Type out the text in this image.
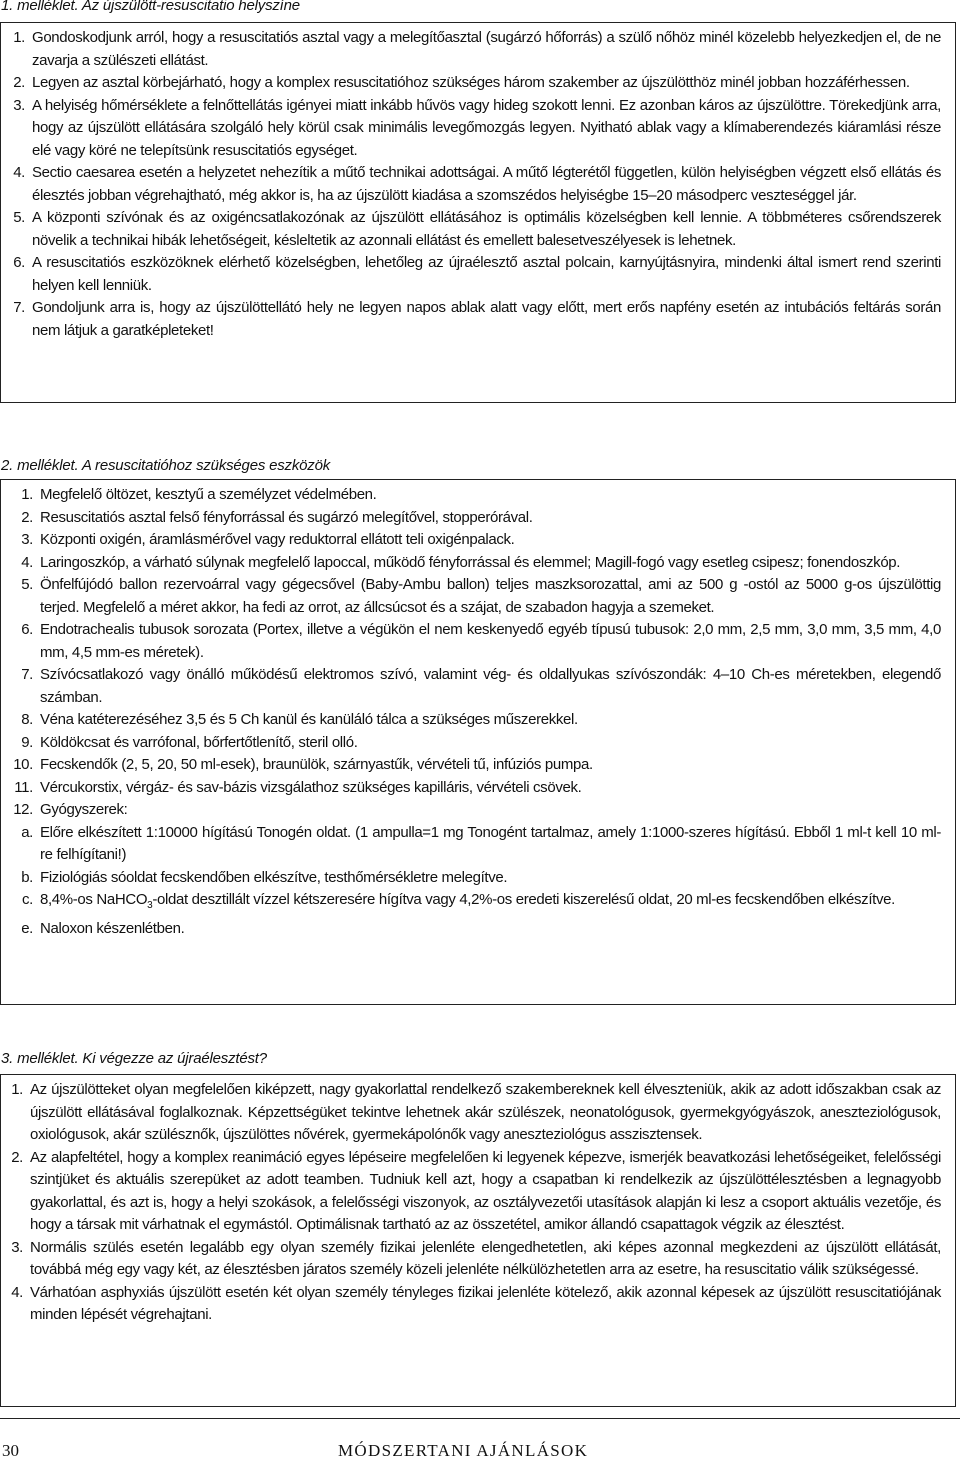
1. melléklet. Az újszülött-resuscitatio helyszíne
1. Gondoskodjunk arról, hogy a resuscitatiós asztal vagy a melegítőasztal (sugárzó hőforrás) a szülő nőhöz minél közelebb helyezkedjen el, de ne zavarja a szülészeti ellátást.
2. Legyen az asztal körbejárható, hogy a komplex resuscitatióhoz szükséges három szakember az újszülötthöz minél jobban hozzáférhessen.
3. A helyiség hőmérséklete a felnőttellátás igényei miatt inkább hűvös vagy hideg szokott lenni. Ez azonban káros az újszülöttre. Törekedjünk arra, hogy az újszülött ellátására szolgáló hely körül csak minimális levegőmozgás legyen. Nyitható ablak vagy a klímaberendezés kiáramlási része elé vagy köré ne telepítsünk resuscitatiós egységet.
4. Sectio caesarea esetén a helyzetet nehezítik a műtő technikai adottságai. A műtő légterétől független, külön helyiségben végzett első ellátás és élesztés jobban végrehajtható, még akkor is, ha az újszülött kiadása a szomszédos helyiségbe 15–20 másodperc veszteséggel jár.
5. A központi szívónak és az oxigéncsatlakozónak az újszülött ellátásához is optimális közelségben kell lennie. A többméteres csőrendszerek növelik a technikai hibák lehetőségeit, késleltetik az azonnali ellátást és emellett balesetveszélyesek is lehetnek.
6. A resuscitatiós eszközöknek elérhető közelségben, lehetőleg az újraélesztő asztal polcain, karnyújtásnyira, mindenki által ismert rend szerinti helyen kell lenniük.
7. Gondoljunk arra is, hogy az újszülöttellátó hely ne legyen napos ablak alatt vagy előtt, mert erős napfény esetén az intubációs feltárás során nem látjuk a garatképleteket!
2. melléklet. A resuscitatióhoz szükséges eszközök
1. Megfelelő öltözet, kesztyű a személyzet védelmében.
2. Resuscitatiós asztal felső fényforrással és sugárzó melegítővel, stopperórával.
3. Központi oxigén, áramlásmérővel vagy reduktorral ellátott teli oxigénpalack.
4. Laringoszkóp, a várható súlynak megfelelő lapoccal, működő fényforrással és elemmel; Magill-fogó vagy esetleg csipesz; fonendoszkóp.
5. Önfelfújódó ballon rezervoárral vagy gégecsővel (Baby-Ambu ballon) teljes maszksorozattal, ami az 500 g -ostól az 5000 g-os újszülöttig terjed. Megfelelő a méret akkor, ha fedi az orrot, az állcsúcsot és a szájat, de szabadon hagyja a szemeket.
6. Endotrachealis tubusok sorozata (Portex, illetve a végükön el nem keskenyedő egyéb típusú tubusok: 2,0 mm, 2,5 mm, 3,0 mm, 3,5 mm, 4,0 mm, 4,5 mm-es méretek).
7. Szívócsatlakozó vagy önálló működésű elektromos szívó, valamint vég- és oldallyukas szívószondák: 4–10 Ch-es méretekben, elegendő számban.
8. Véna katéterezéséhez 3,5 és 5 Ch kanül és kanüláló tálca a szükséges műszerekkel.
9. Köldökcsat és varrófonal, bőrfertőtlenítő, steril olló.
10. Fecskendők (2, 5, 20, 50 ml-esek), braunülök, szárnyastűk, vérvételi tű, infúziós pumpa.
11. Vércukorstix, vérgáz- és sav-bázis vizsgálathoz szükséges kapilláris, vérvételi csövek.
12. Gyógyszerek:
a. Előre elkészített 1:10000 hígítású Tonogén oldat. (1 ampulla=1 mg Tonogént tartalmaz, amely 1:1000-szeres hígítású. Ebből 1 ml-t kell 10 ml-re felhígítani!)
b. Fiziológiás sóoldat fecskendőben elkészítve, testhőmérsékletre melegítve.
c. 8,4%-os NaHCO$_3$-oldat desztillált vízzel kétszeresére hígítva vagy 4,2%-os eredeti kiszerelésű oldat, 20 ml-es fecskendőben elkészítve.
e. Naloxon készenlétben.
3. melléklet. Ki végezze az újraélesztést?
1. Az újszülötteket olyan megfelelően kiképzett, nagy gyakorlattal rendelkező szakembereknek kell élveszteniük, akik az adott időszakban csak az újszülött ellátásával foglalkoznak. Képzettségüket tekintve lehetnek akár szülészek, neonatológusok, gyermekgyógyászok, aneszteziológusok, oxiológusok, akár szülésznők, újszülöttes nővérek, gyermekápolónők vagy aneszteziológus asszisztensek.
2. Az alapfeltétel, hogy a komplex reanimáció egyes lépéseire megfelelően ki legyenek képezve, ismerjék beavatkozási lehetőségeiket, felelősségi szintjüket és aktuális szerepüket az adott teamben. Tudniuk kell azt, hogy a csapatban ki rendelkezik az újszülöttélesztésben a legnagyobb gyakorlattal, és azt is, hogy a helyi szokások, a felelősségi viszonyok, az osztályvezetői utasítások alapján ki lesz a csoport aktuális vezetője, és hogy a társak mit várhatnak el egymástól. Optimálisnak tartható az az összetétel, amikor állandó csapattagok végzik az élesztést.
3. Normális szülés esetén legalább egy olyan személy fizikai jelenléte elengedhetetlen, aki képes azonnal megkezdeni az újszülött ellátását, továbbá még egy vagy két, az élesztésben járatos személy közeli jelenléte nélkülözhetetlen arra az esetre, ha resuscitatio válik szükségessé.
4. Várhatóan asphyxiás újszülött esetén két olyan személy tényleges fizikai jelenléte kötelező, akik azonnal képesek az újszülött resuscitatiójának minden lépését végrehajtani.
30	MÓDSZERTANI AJÁNLÁSOK
